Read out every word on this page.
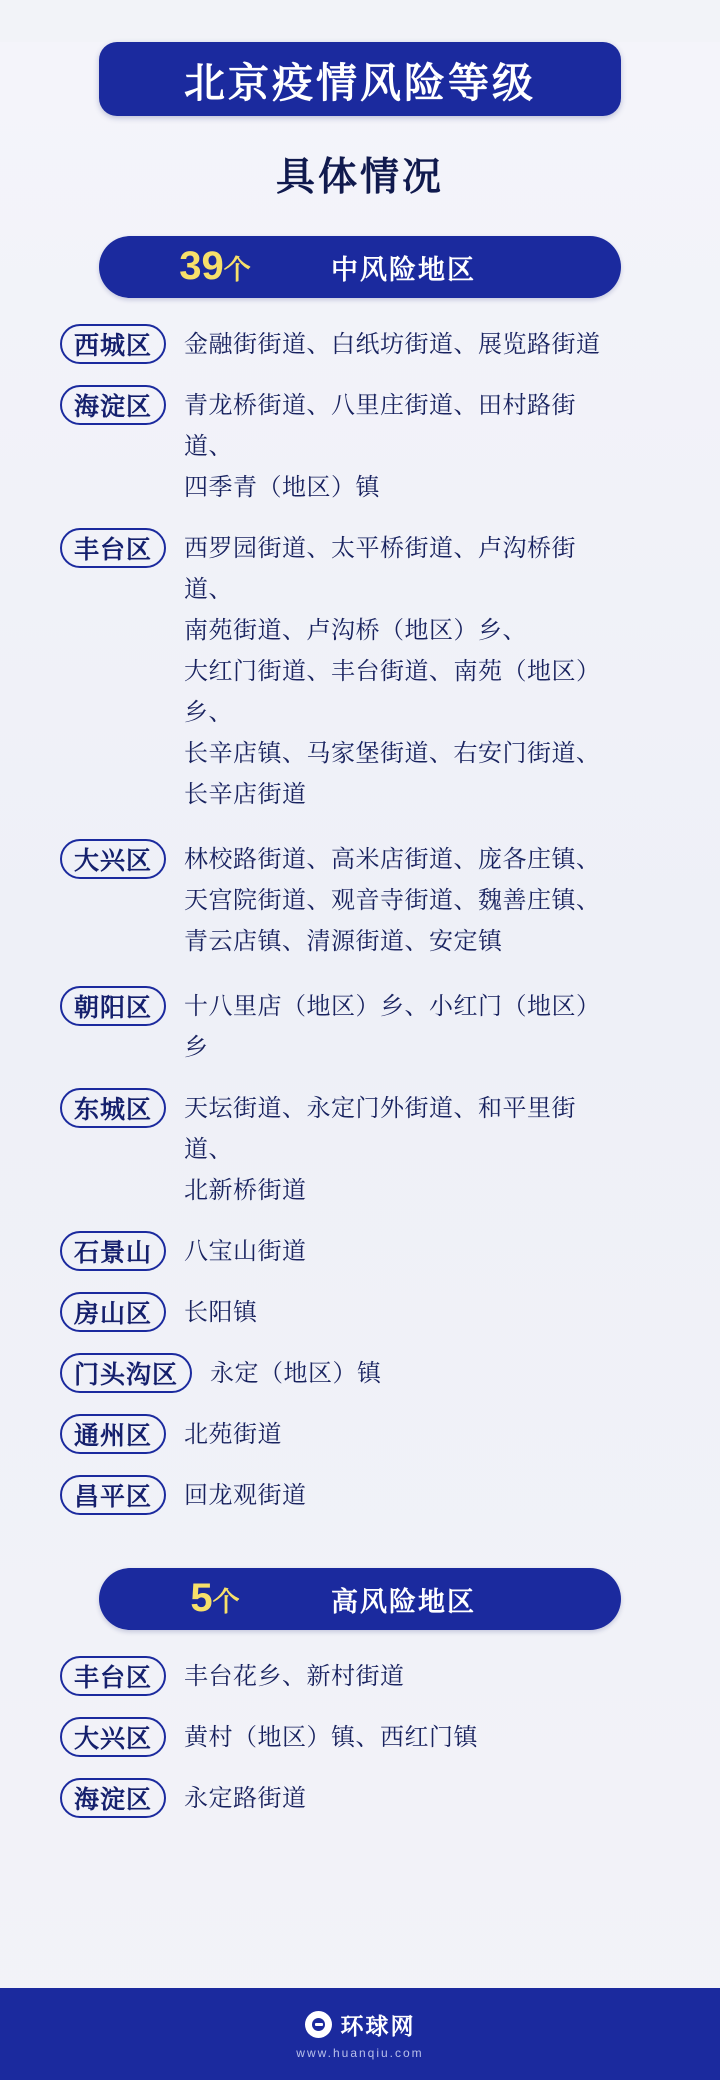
北京疫情风险等级
具体情况
39个	中风险地区
西城区 金融街街道、白纸坊街道、展览路街道
海淀区 青龙桥街道、八里庄街道、田村路街道、
四季青（地区）镇
丰台区 西罗园街道、太平桥街道、卢沟桥街道、
南苑街道、卢沟桥（地区）乡、
大红门街道、丰台街道、南苑（地区）乡、
长辛店镇、马家堡街道、右安门街道、
长辛店街道
大兴区 林校路街道、高米店街道、庞各庄镇、
天宫院街道、观音寺街道、魏善庄镇、
青云店镇、清源街道、安定镇
朝阳区 十八里店（地区）乡、小红门（地区）乡
东城区 天坛街道、永定门外街道、和平里街道、
北新桥街道
石景山 八宝山街道
房山区 长阳镇
门头沟区 永定（地区）镇
通州区 北苑街道
昌平区 回龙观街道
5个	高风险地区
丰台区 丰台花乡、新村街道
大兴区 黄村（地区）镇、西红门镇
海淀区 永定路街道
环球网
www.huanqiu.com
